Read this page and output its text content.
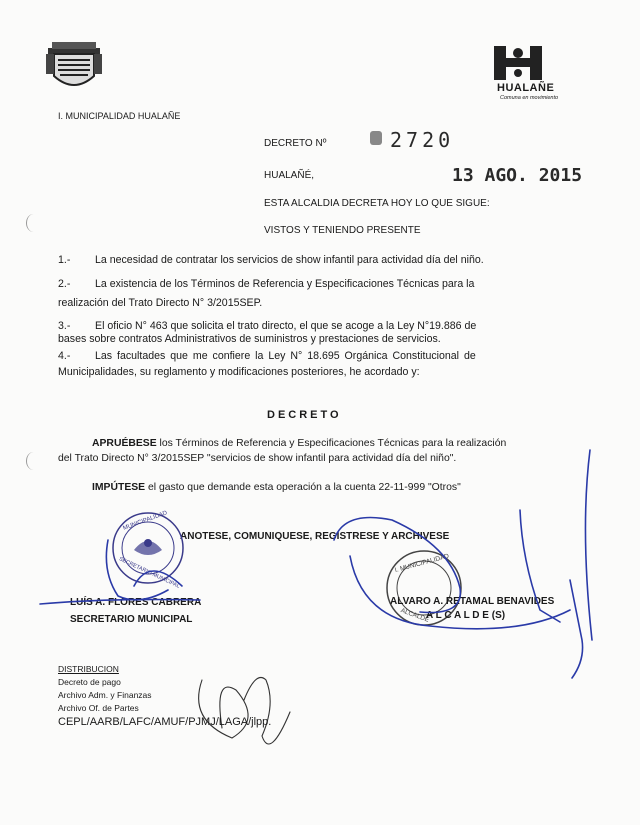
HUALAÑE
Comuna en movimiento
I. MUNICIPALIDAD HUALAÑE
DECRETO Nº	2720
HUALAÑÉ,	13 AGO. 2015
ESTA ALCALDIA DECRETA HOY LO QUE SIGUE:
VISTOS Y TENIENDO PRESENTE
1.- La necesidad de contratar los servicios de show infantil para actividad día del niño.
2.- La existencia de los Términos de Referencia y Especificaciones Técnicas para la
realización del Trato Directo N° 3/2015SEP.
3.- El oficio N° 463 que solicita el trato directo, el que se acoge a la Ley N°19.886 de
bases sobre contratos Administrativos de suministros y prestaciones de servicios.
4.- Las facultades que me confiere la Ley N° 18.695 Orgánica Constitucional de
Municipalidades, su reglamento y modificaciones posteriores, he acordado y:
DECRETO
APRUÉBESE los Términos de Referencia y Especificaciones Técnicas para la realización
del Trato Directo N° 3/2015SEP "servicios de show infantil para actividad día del niño".
IMPÚTESE el gasto que demande esta operación a la cuenta 22-11-999 "Otros"
ANOTESE, COMUNIQUESE, REGISTRESE Y ARCHIVESE
MUNICIPALIDAD
SECRETARIO MUNICIPAL	I. MUNICIPALIDAD
ALCALDE
LUÍS A. FLORES CABRERA
SECRETARIO MUNICIPAL
ALVARO A. RETAMAL BENAVIDES
A L C A L D E (S)
DISTRIBUCION
Decreto de pago
Archivo Adm. y Finanzas
Archivo Of. de Partes
CEPL/AARB/LAFC/AMUF/PJMJ/LAGA/jlpp.
